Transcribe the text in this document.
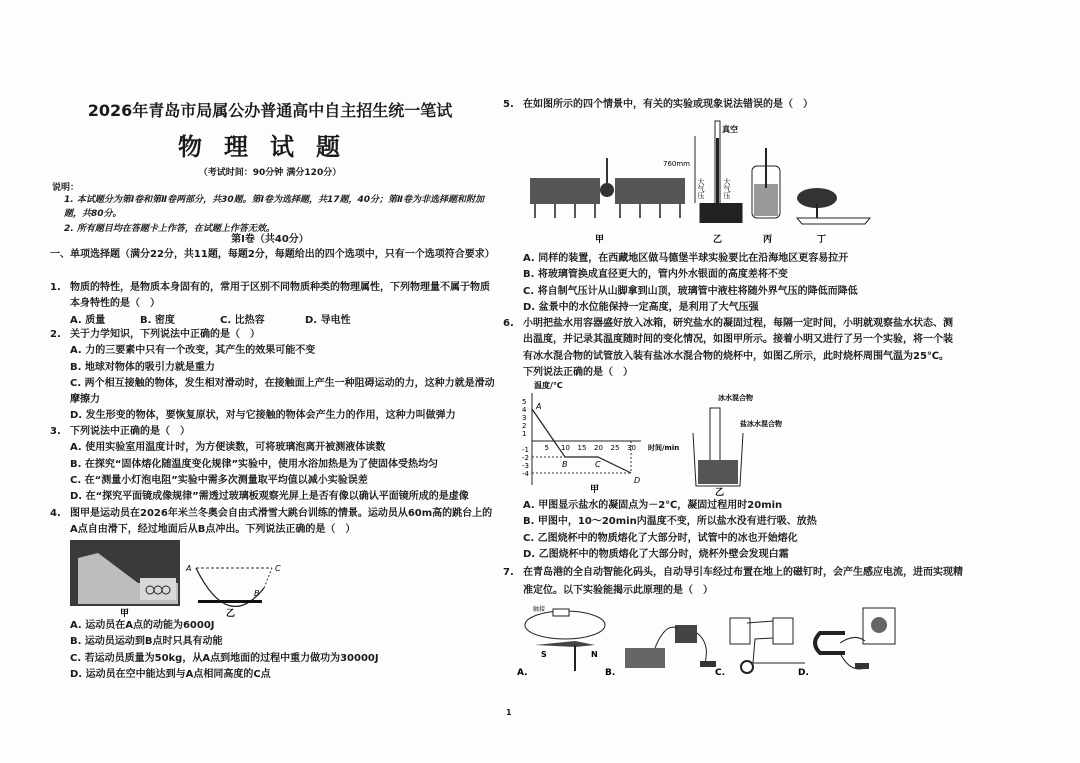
2026年青岛市局属公办普通高中自主招生统一笔试
物理试题
（考试时间：90分钟 满分120分）
说明：
1. 本试题分为第Ⅰ卷和第Ⅱ卷两部分，共30题。第Ⅰ卷为选择题，共17题，40分；第Ⅱ卷为非选择题和附加题，共80分。
2. 所有题目均在答题卡上作答，在试题上作答无效。
第Ⅰ卷（共40分）
一、单项选择题（满分22分，共11题，每题2分，每题给出的四个选项中，只有一个选项符合要求）
1. 物质的特性，是物质本身固有的，常用于区别不同物质种类的物理属性，下列物理量不属于物质本身特性的是（　）
A. 质量	B. 密度	C. 比热容	D. 导电性
2. 关于力学知识，下列说法中正确的是（　）
A. 力的三要素中只有一个改变，其产生的效果可能不变
B. 地球对物体的吸引力就是重力
C. 两个相互接触的物体，发生相对滑动时，在接触面上产生一种阻碍运动的力，这种力就是滑动摩擦力
D. 发生形变的物体，要恢复原状，对与它接触的物体会产生力的作用，这种力叫做弹力
3. 下列说法中正确的是（　）
A. 使用实验室用温度计时，为方便读数，可将玻璃泡离开被测液体读数
B. 在探究“固体熔化随温度变化规律”实验中，使用水浴加热是为了使固体受热均匀
C. 在“测量小灯泡电阻”实验中需多次测量取平均值以减小实验误差
D. 在“探究平面镜成像规律”需透过玻璃板观察光屏上是否有像以确认平面镜所成的是虚像
4. 图甲是运动员在2026年米兰冬奥会自由式滑雪大跳台训练的情景。运动员从60m高的跳台上的A点自由滑下，经过地面后从B点冲出。下列说法正确的是（　）
甲
A
B
C
乙
A. 运动员在A点的动能为6000J
B. 运动员运动到B点时只具有动能
C. 若运动员质量为50kg，从A点到地面的过程中重力做功为30000J
D. 运动员在空中能达到与A点相同高度的C点
5. 在如图所示的四个情景中，有关的实验或现象说法错误的是（　）
甲
真空
760mm
大气压	大气压
乙	丙	丁
A. 同样的装置，在西藏地区做马德堡半球实验要比在沿海地区更容易拉开
B. 将玻璃管换成直径更大的，管内外水银面的高度差将不变
C. 将自制气压计从山脚拿到山顶，玻璃管中液柱将随外界气压的降低而降低
D. 盆景中的水位能保持一定高度，是利用了大气压强
6. 小明把盐水用容器盛好放入冰箱，研究盐水的凝固过程，每隔一定时间，小明就观察盐水状态、测出温度，并记录其温度随时间的变化情况，如图甲所示。接着小明又进行了另一个实验，将一个装有冰水混合物的试管放入装有盐冰水混合物的烧杯中，如图乙所示，此时烧杯周围气温为25℃。下列说法正确的是（　）
温度/℃
时间/min
5 10 15 20 25 30
5
4
3
2
1
-1
-2
-3
-4
A
B	C
D
甲
冰水混合物
盐冰水混合物
乙
A. 甲图显示盐水的凝固点为－2℃，凝固过程用时20min
B. 甲图中，10～20min内温度不变，所以盐水没有进行吸、放热
C. 乙图烧杯中的物质熔化了大部分时，试管中的冰也开始熔化
D. 乙图烧杯中的物质熔化了大部分时，烧杯外壁会发现白霜
7. 在青岛港的全自动智能化码头，自动导引车经过布置在地上的磁钉时，会产生感应电流，进而实现精准定位。以下实验能揭示此原理的是（　）
触接
S	N
A.	B.	C.	D.
1
